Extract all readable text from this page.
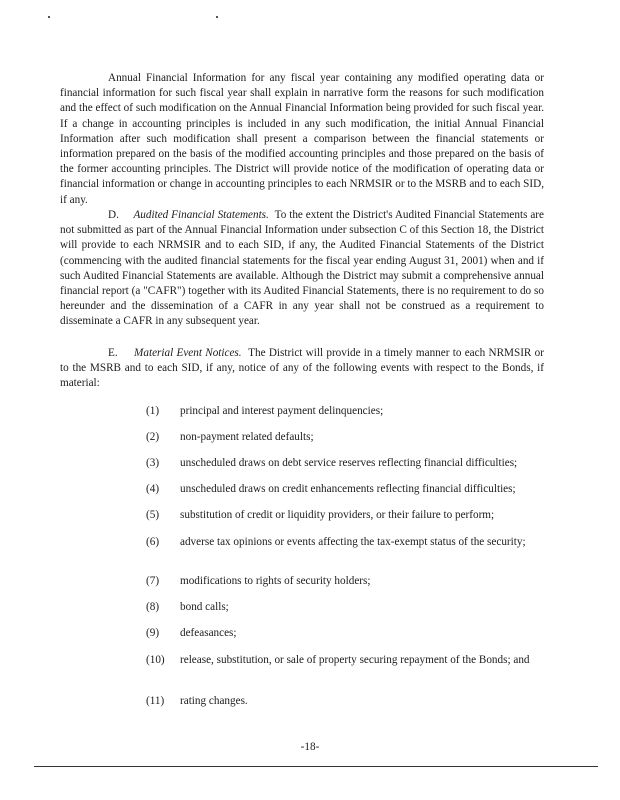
Annual Financial Information for any fiscal year containing any modified operating data or financial information for such fiscal year shall explain in narrative form the reasons for such modification and the effect of such modification on the Annual Financial Information being provided for such fiscal year. If a change in accounting principles is included in any such modification, the initial Annual Financial Information after such modification shall present a comparison between the financial statements or information prepared on the basis of the modified accounting principles and those prepared on the basis of the former accounting principles. The District will provide notice of the modification of operating data or financial information or change in accounting principles to each NRMSIR or to the MSRB and to each SID, if any.

D. Audited Financial Statements. To the extent the District's Audited Financial Statements are not submitted as part of the Annual Financial Information under subsection C of this Section 18, the District will provide to each NRMSIR and to each SID, if any, the Audited Financial Statements of the District (commencing with the audited financial statements for the fiscal year ending August 31, 2001) when and if such Audited Financial Statements are available. Although the District may submit a comprehensive annual financial report (a "CAFR") together with its Audited Financial Statements, there is no requirement to do so hereunder and the dissemination of a CAFR in any year shall not be construed as a requirement to disseminate a CAFR in any subsequent year.

E. Material Event Notices. The District will provide in a timely manner to each NRMSIR or to the MSRB and to each SID, if any, notice of any of the following events with respect to the Bonds, if material:

(1)	principal and interest payment delinquencies;
(2)	non-payment related defaults;
(3)	unscheduled draws on debt service reserves reflecting financial difficulties;
(4)	unscheduled draws on credit enhancements reflecting financial difficulties;
(5)	substitution of credit or liquidity providers, or their failure to perform;
(6)	adverse tax opinions or events affecting the tax-exempt status of the security;
(7)	modifications to rights of security holders;
(8)	bond calls;
(9)	defeasances;
(10)	release, substitution, or sale of property securing repayment of the Bonds; and
(11)	rating changes.
-18-
